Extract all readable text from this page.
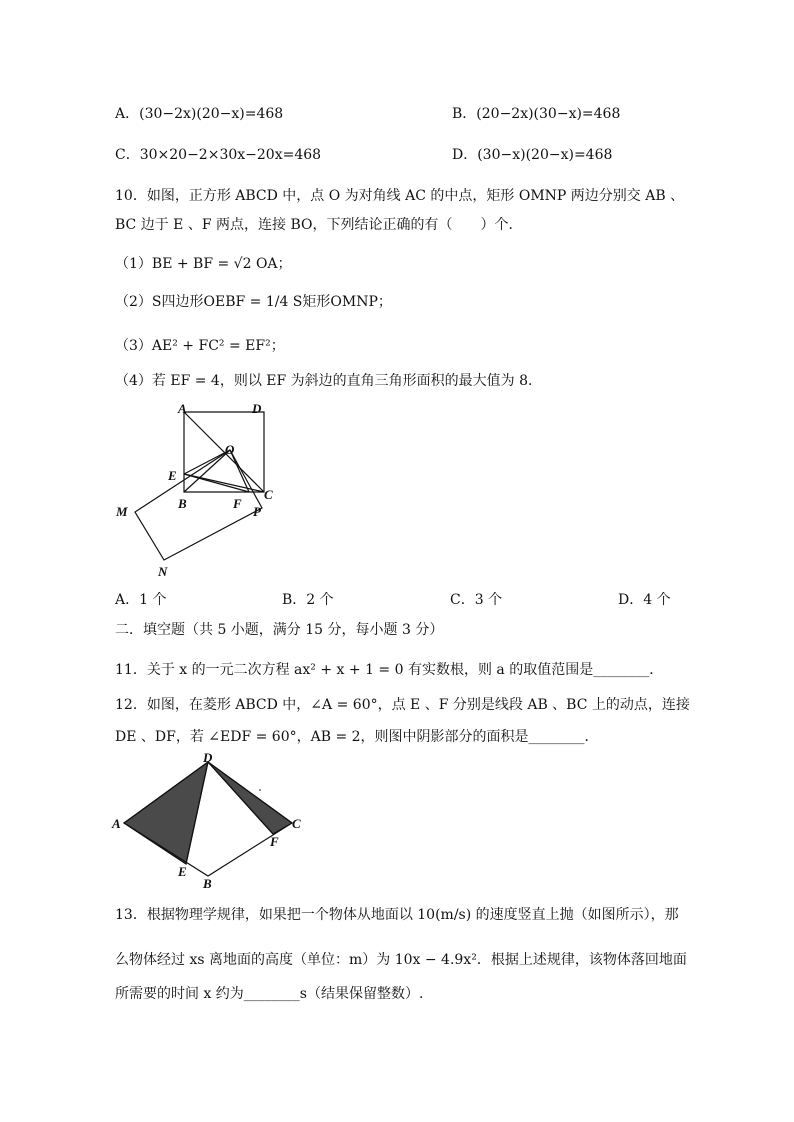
A．(30−2x)(20−x)=468	B．(20−2x)(30−x)=468
C．30×20−2×30x−20x=468	D．(30−x)(20−x)=468
10．如图，正方形 ABCD 中，点 O 为对角线 AC 的中点，矩形 OMNP 两边分别交 AB 、
BC 边于 E 、F 两点，连接 BO，下列结论正确的有（　　）个．
（1）BE + BF = √2 OA；
（2）S四边形OEBF = 1/4 S矩形OMNP；
（3）AE² + FC² = EF²；
（4）若 EF = 4，则以 EF 为斜边的直角三角形面积的最大值为 8．
A	D
O
E
B	F
C
P
M
N
A．1 个	B．2 个	C．3 个	D．4 个
二．填空题（共 5 小题，满分 15 分，每小题 3 分）
11．关于 x 的一元二次方程 ax² + x + 1 = 0 有实数根，则 a 的取值范围是________．
12．如图，在菱形 ABCD 中，∠A = 60°，点 E 、F 分别是线段 AB 、BC 上的动点，连接
DE 、DF，若 ∠EDF = 60°，AB = 2，则图中阴影部分的面积是________．
D
A	C
F
E
B
13．根据物理学规律，如果把一个物体从地面以 10(m/s) 的速度竖直上抛（如图所示），那
么物体经过 xs 离地面的高度（单位：m）为 10x − 4.9x²．根据上述规律，该物体落回地面
所需要的时间 x 约为________s（结果保留整数）.
